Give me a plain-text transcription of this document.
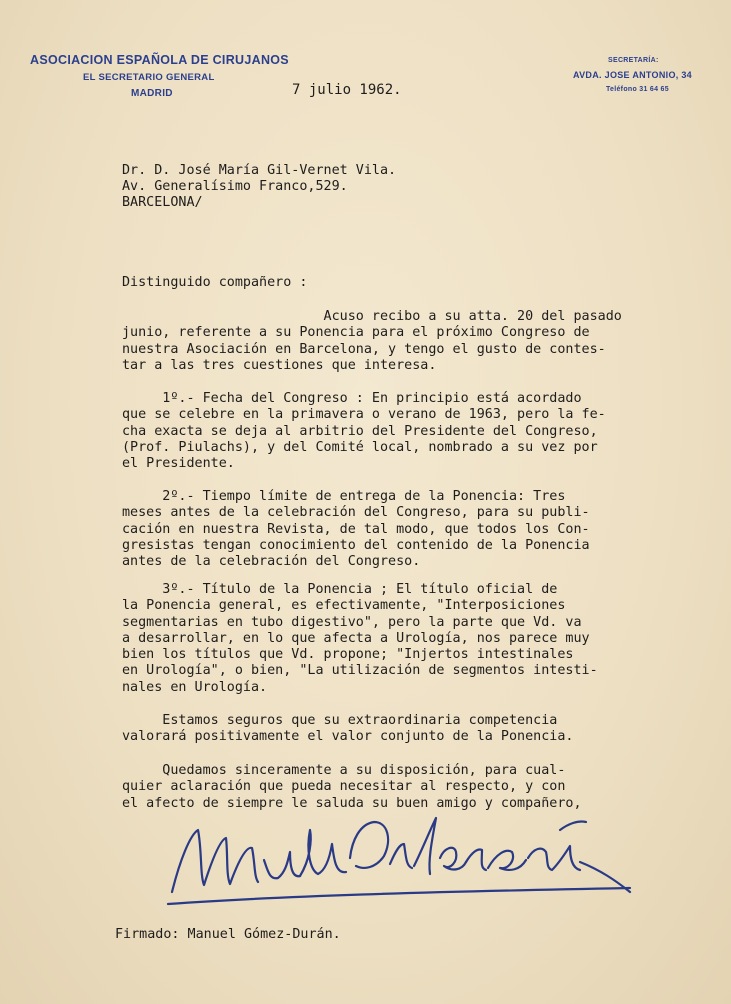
ASOCIACION ESPAÑOLA DE CIRUJANOS
EL SECRETARIO GENERAL
MADRID
SECRETARÍA:
AVDA. JOSE ANTONIO, 34
Teléfono 31 64 65
7 julio 1962.
Dr. D. José María Gil-Vernet Vila.
Av. Generalísimo Franco,529.
BARCELONA/
Distinguido compañero :
Acuso recibo a su atta. 20 del pasado
junio, referente a su Ponencia para el próximo Congreso de
nuestra Asociación en Barcelona, y tengo el gusto de contes-
tar a las tres cuestiones que interesa.
1º.- Fecha del Congreso : En principio está acordado
que se celebre en la primavera o verano de 1963, pero la fe-
cha exacta se deja al arbitrio del Presidente del Congreso,
(Prof. Piulachs), y del Comité local, nombrado a su vez por
el Presidente.
2º.- Tiempo límite de entrega de la Ponencia: Tres
meses antes de la celebración del Congreso, para su publi-
cación en nuestra Revista, de tal modo, que todos los Con-
gresistas tengan conocimiento del contenido de la Ponencia
antes de la celebración del Congreso.
3º.- Título de la Ponencia ; El título oficial de
la Ponencia general, es efectivamente, "Interposiciones
segmentarias en tubo digestivo", pero la parte que Vd. va
a desarrollar, en lo que afecta a Urología, nos parece muy
bien los títulos que Vd. propone; "Injertos intestinales
en Urología", o bien, "La utilización de segmentos intesti-
nales en Urología.
Estamos seguros que su extraordinaria competencia
valorará positivamente el valor conjunto de la Ponencia.
Quedamos sinceramente a su disposición, para cual-
quier aclaración que pueda necesitar al respecto, y con
el afecto de siempre le saluda su buen amigo y compañero,
Firmado: Manuel Gómez-Durán.
